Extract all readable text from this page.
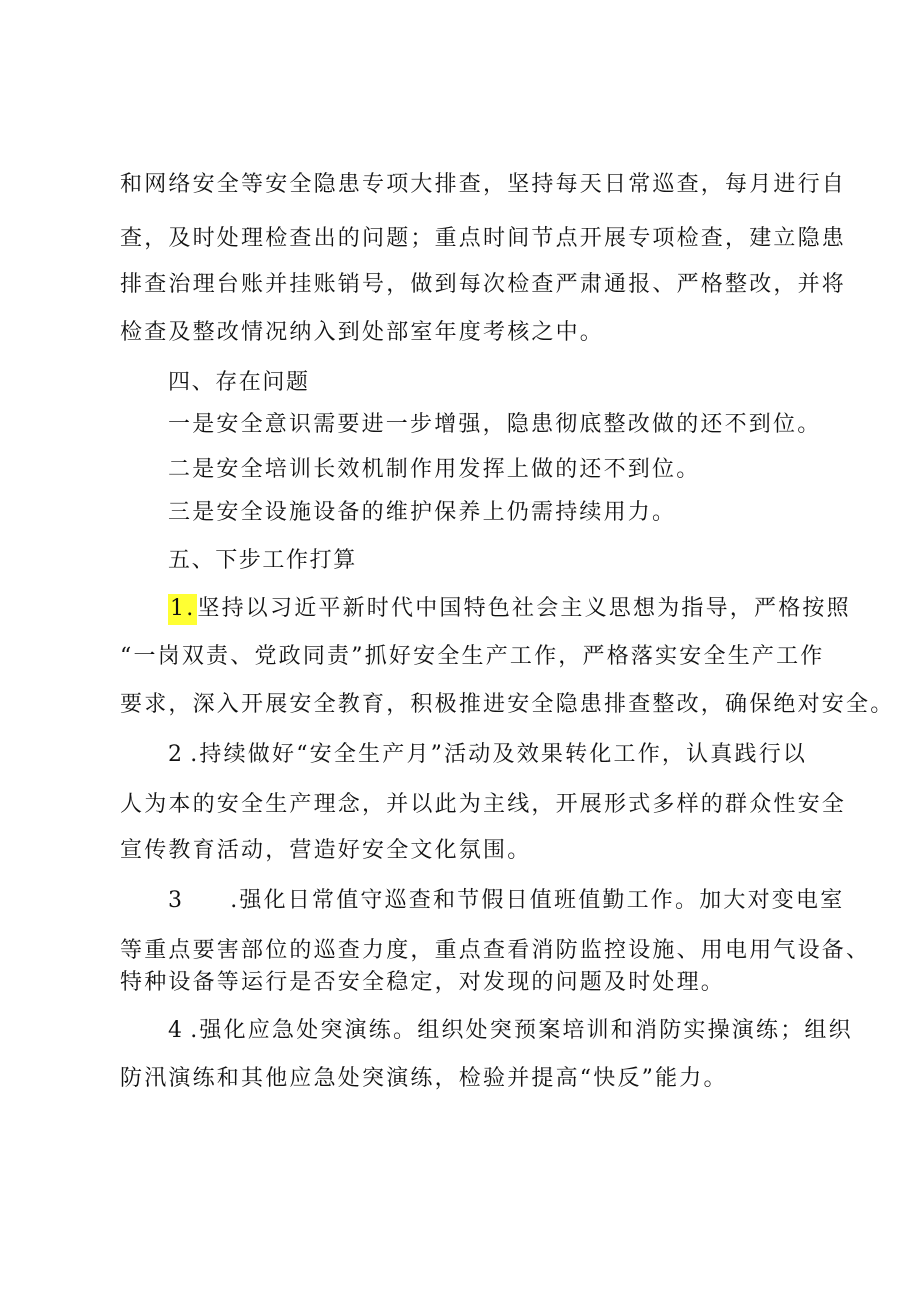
和网络安全等安全隐患专项大排查，坚持每天日常巡查，每月进行自
查，及时处理检查出的问题；重点时间节点开展专项检查，建立隐患
排查治理台账并挂账销号，做到每次检查严肃通报、严格整改，并将
检查及整改情况纳入到处部室年度考核之中。
四、存在问题
一是安全意识需要进一步增强，隐患彻底整改做的还不到位。
二是安全培训长效机制作用发挥上做的还不到位。
三是安全设施设备的维护保养上仍需持续用力。
五、下步工作打算
1.坚持以习近平新时代中国特色社会主义思想为指导，严格按照
“一岗双责、党政同责”抓好安全生产工作，严格落实安全生产工作
要求，深入开展安全教育，积极推进安全隐患排查整改，确保绝对安全。
2 .持续做好“安全生产月”活动及效果转化工作，认真践行以
人为本的安全生产理念，并以此为主线，开展形式多样的群众性安全
宣传教育活动，营造好安全文化氛围。
3 .强化日常值守巡查和节假日值班值勤工作。加大对变电室
等重点要害部位的巡查力度，重点查看消防监控设施、用电用气设备、
特种设备等运行是否安全稳定，对发现的问题及时处理。
4 .强化应急处突演练。组织处突预案培训和消防实操演练；组织
防汛演练和其他应急处突演练，检验并提高“快反”能力。
